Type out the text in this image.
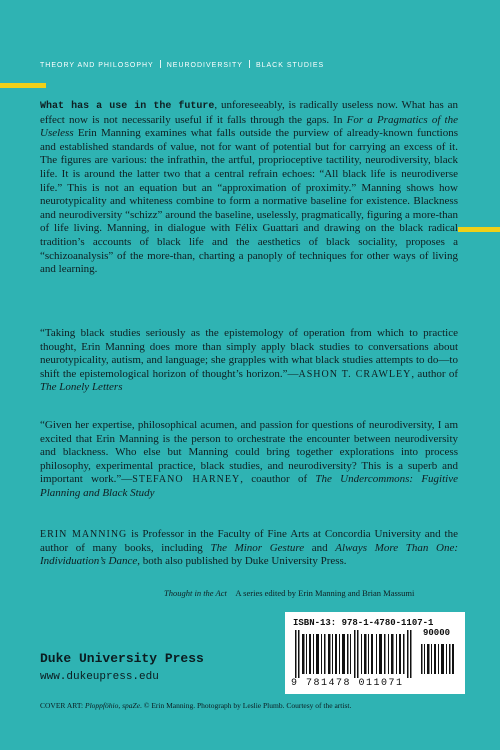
THEORY AND PHILOSOPHY NEURODIVERSITY BLACK STUDIES
What has a use in the future, unforeseeably, is radically useless now. What has an effect now is not necessarily useful if it falls through the gaps. In For a Pragmatics of the Useless Erin Manning examines what falls outside the purview of already-known functions and established standards of value, not for want of potential but for carrying an excess of it. The figures are various: the infrathin, the artful, proprioceptive tactility, neurodiversity, black life. It is around the latter two that a central refrain echoes: “All black life is neurodiverse life.” This is not an equation but an “approximation of proximity.” Manning shows how neurotypicality and whiteness combine to form a normative baseline for existence. Blackness and neurodiversity “schizz” around the baseline, uselessly, pragmatically, figuring a more-than of life living. Manning, in dialogue with Félix Guattari and drawing on the black radical tradition’s accounts of black life and the aesthetics of black sociality, proposes a “schizoanalysis” of the more-than, charting a panoply of techniques for other ways of living and learning.
“Taking black studies seriously as the epistemology of operation from which to practice thought, Erin Manning does more than simply apply black studies to conversations about neurotypicality, autism, and language; she grapples with what black studies attempts to do—to shift the epistemological horizon of thought’s horizon.”—ASHON T. CRAWLEY, author of The Lonely Letters
“Given her expertise, philosophical acumen, and passion for questions of neurodiversity, I am excited that Erin Manning is the person to orchestrate the encounter between neurodiversity and blackness. Who else but Manning could bring together explorations into process philosophy, experimental practice, black studies, and neurodiversity? This is a superb and important work.”—STEFANO HARNEY, coauthor of The Undercommons: Fugitive Planning and Black Study
ERIN MANNING is Professor in the Faculty of Fine Arts at Concordia University and the author of many books, including The Minor Gesture and Always More Than One: Individuation’s Dance, both also published by Duke University Press.
Thought in the Act A series edited by Erin Manning and Brian Massumi
ISBN-13: 978-1-4780-1107-1
90000
9 781478 011071
Duke University Press
www.dukeupress.edu
COVER ART: Ploppföhio, spaZe. © Erin Manning. Photograph by Leslie Plumb. Courtesy of the artist.
